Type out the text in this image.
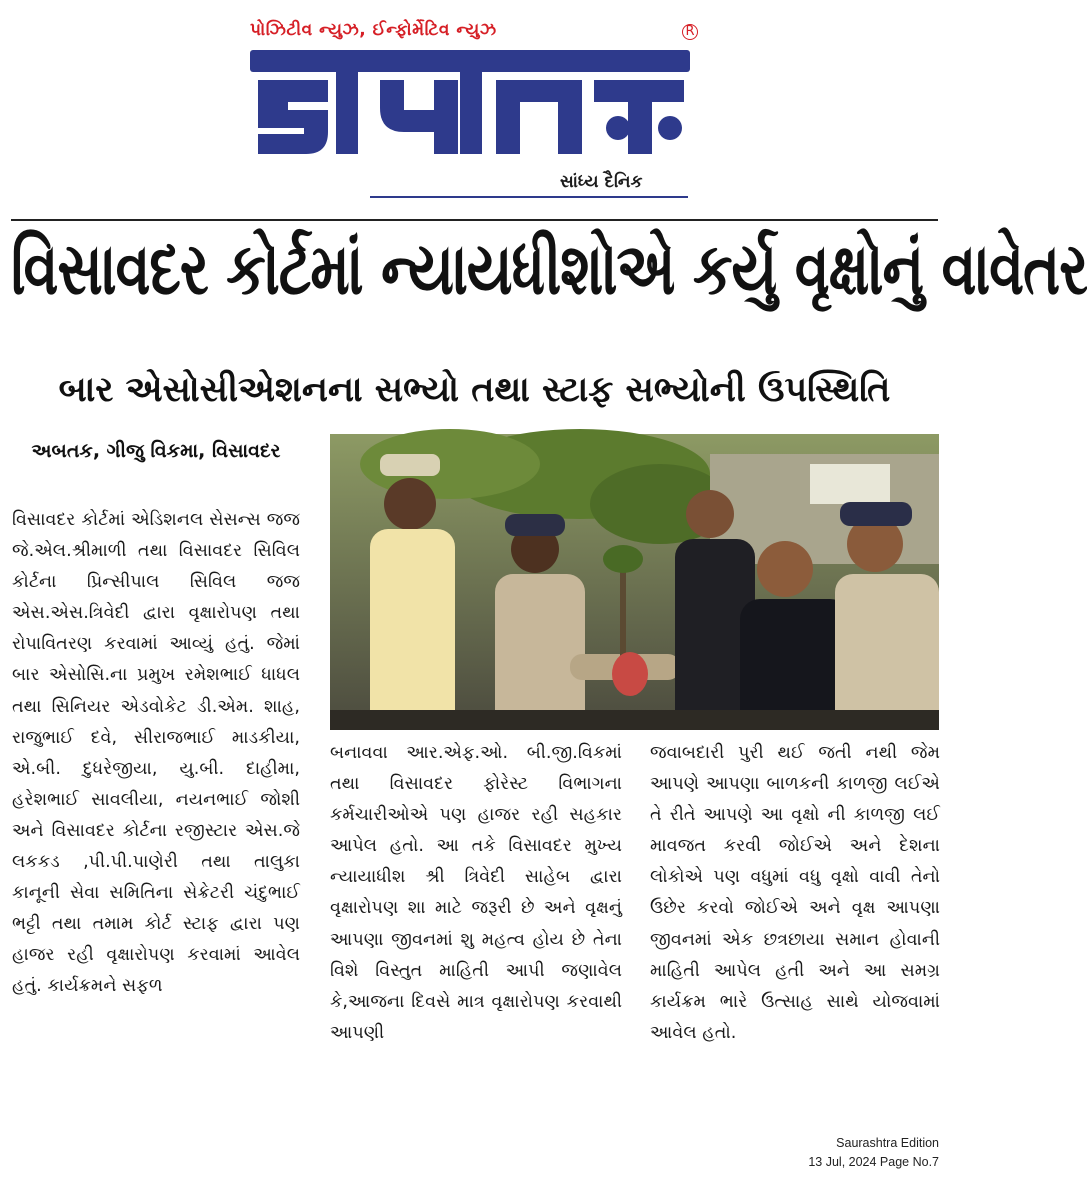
પોઝિટીવ ન્યુઝ, ઈન્ફોર્મેટિવ ન્યુઝ	R
સાંધ્ય દૈનિક
વિસાવદર કોર્ટમાં ન્યાયધીશોએ કર્યુ વૃક્ષોનું વાવેતર
બાર એસોસીએશનના સભ્યો તથા સ્ટાફ સભ્યોની ઉપસ્થિતિ
અબતક, ગીજુ વિકમા, વિસાવદર

વિસાવદર કોર્ટમાં એડિશનલ સેસન્સ જજ જે.એલ.શ્રીમાળી તથા વિસાવદર સિવિલ કોર્ટના પ્રિન્સીપાલ સિવિલ જજ એસ.એસ.ત્રિવેદી દ્વારા વૃક્ષારોપણ તથા રોપાવિતરણ કરવામાં આવ્યું હતું. જેમાં બાર એસોસિ.ના પ્રમુખ રમેશભાઈ ધાધલ તથા સિનિયર એડવોકેટ ડી.એમ. શાહ, રાજુભાઈ દવે, સીરાજભાઈ માડકીયા, એ.બી. દુધરેજીયા, યુ.બી. દાહીમા, હરેશભાઈ સાવલીયા, નયનભાઈ જોશી અને વિસાવદર કોર્ટના રજીસ્ટાર એસ.જે લકકડ ,પી.પી.પાણેરી તથા તાલુકા કાનૂની સેવા સમિતિના સેક્રેટરી ચંદુભાઈ ભટ્ટી તથા તમામ કોર્ટ સ્ટાફ દ્વારા પણ હાજર રહી વૃક્ષારોપણ કરવામાં આવેલ હતું. કાર્યક્રમને સફળ

બનાવવા આર.એફ.ઓ. બી.જી.વિકમાં તથા વિસાવદર ફોરેસ્ટ વિભાગના કર્મચારીઓએ પણ હાજર રહી સહકાર આપેલ હતો. આ તકે વિસાવદર મુખ્ય ન્યાયાધીશ શ્રી ત્રિવેદી સાહેબ દ્વારા વૃક્ષારોપણ શા માટે જરૂરી છે અને વૃક્ષનું આપણા જીવનમાં શુ મહત્વ હોય છે તેના વિશે વિસ્તુત માહિતી આપી જણાવેલ કે,આજના દિવસે માત્ર વૃક્ષારોપણ કરવાથી આપણી

જવાબદારી પુરી થઈ જતી નથી જેમ આપણે આપણા બાળકની કાળજી લઈએ તે રીતે આપણે આ વૃક્ષો ની કાળજી લઈ માવજત કરવી જોઈએ અને દેશના લોકોએ પણ વધુમાં વધુ વૃક્ષો વાવી તેનો ઉછેર કરવો જોઈએ અને વૃક્ષ આપણા જીવનમાં એક છત્રછાયા સમાન હોવાની માહિતી આપેલ હતી અને આ સમગ્ર કાર્યક્રમ ભારે ઉત્સાહ સાથે યોજવામાં આવેલ હતો.

Saurashtra Edition
13 Jul, 2024 Page No.7
